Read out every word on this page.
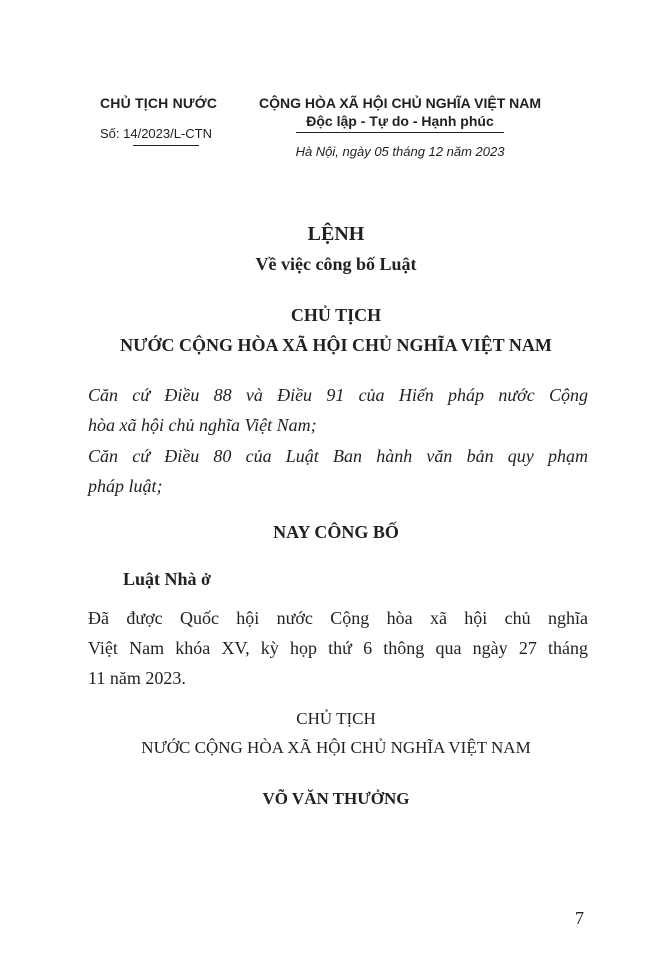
CHỦ TỊCH NƯỚC
Số: 14/2023/L-CTN
CỘNG HÒA XÃ HỘI CHỦ NGHĨA VIỆT NAM
Độc lập - Tự do - Hạnh phúc
Hà Nội, ngày 05 tháng 12 năm 2023
LỆNH
Về việc công bố Luật
CHỦ TỊCH
NƯỚC CỘNG HÒA XÃ HỘI CHỦ NGHĨA VIỆT NAM
Căn cứ Điều 88 và Điều 91 của Hiến pháp nước Cộng
hòa xã hội chủ nghĩa Việt Nam;
Căn cứ Điều 80 của Luật Ban hành văn bản quy phạm
pháp luật;
NAY CÔNG BỐ
Luật Nhà ở
Đã được Quốc hội nước Cộng hòa xã hội chủ nghĩa
Việt Nam khóa XV, kỳ họp thứ 6 thông qua ngày 27 tháng
11 năm 2023.
CHỦ TỊCH
NƯỚC CỘNG HÒA XÃ HỘI CHỦ NGHĨA VIỆT NAM
VÕ VĂN THƯỞNG
7
